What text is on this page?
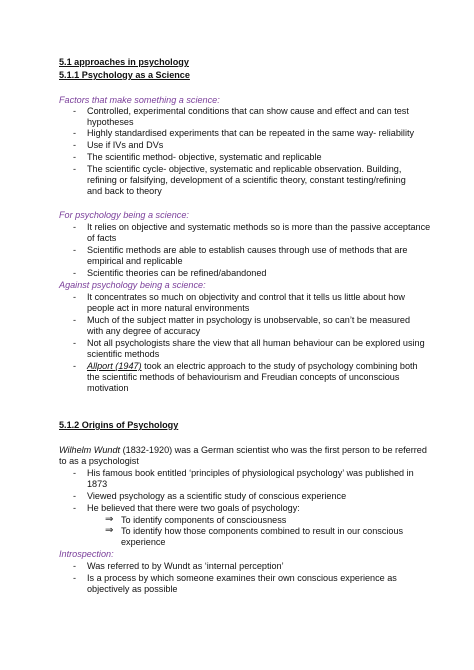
5.1 approaches in psychology
5.1.1 Psychology as a Science
Factors that make something a science:
- Controlled, experimental conditions that can show cause and effect and can test
hypotheses
- Highly standardised experiments that can be repeated in the same way- reliability
- Use if IVs and DVs
- The scientific method- objective, systematic and replicable
- The scientific cycle- objective, systematic and replicable observation. Building,
refining or falsifying, development of a scientific theory, constant testing/refining
and back to theory
For psychology being a science:
- It relies on objective and systematic methods so is more than the passive acceptance
of facts
- Scientific methods are able to establish causes through use of methods that are
empirical and replicable
- Scientific theories can be refined/abandoned
Against psychology being a science:
- It concentrates so much on objectivity and control that it tells us little about how
people act in more natural environments
- Much of the subject matter in psychology is unobservable, so can’t be measured
with any degree of accuracy
- Not all psychologists share the view that all human behaviour can be explored using
scientific methods
- Allport (1947) took an electric approach to the study of psychology combining both
the scientific methods of behaviourism and Freudian concepts of unconscious
motivation
5.1.2 Origins of Psychology
Wilhelm Wundt (1832-1920) was a German scientist who was the first person to be referred
to as a psychologist
- His famous book entitled ‘principles of physiological psychology’ was published in
1873
- Viewed psychology as a scientific study of conscious experience
- He believed that there were two goals of psychology:
⇒ To identify components of consciousness
⇒ To identify how those components combined to result in our conscious
experience
Introspection:
- Was referred to by Wundt as ‘internal perception’
- Is a process by which someone examines their own conscious experience as
objectively as possible
